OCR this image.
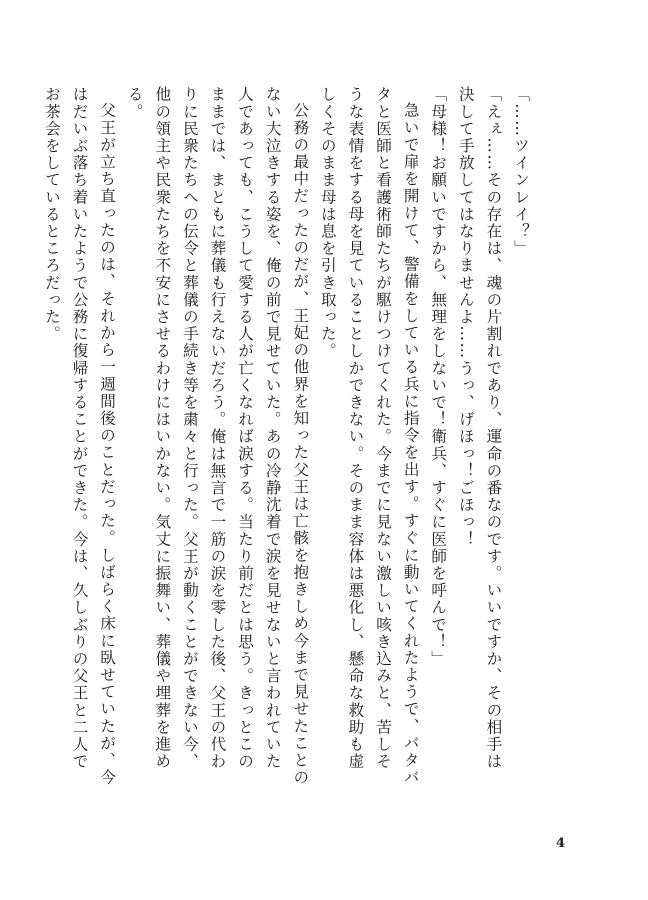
「……ツインレイ？」

「えぇ……その存在は、魂の片割れであり、運命の番なのです。いいですか、その相手は決して手放してはなりませんよ……うっ、げほっ！ごほっ！

「母様！お願いですから、無理をしないで！衛兵、すぐに医師を呼んで！」

急いで扉を開けて、警備をしている兵に指令を出す。すぐに動いてくれたようで、バタバタと医師と看護術師たちが駆けつけてくれた。今までに見ない激しい咳き込みと、苦しそうな表情をする母を見ていることしかできない。そのまま容体は悪化し、懸命な救助も虚しくそのまま母は息を引き取った。

公務の最中だったのだが、王妃の他界を知った父王は亡骸を抱きしめ今まで見せたことのない大泣きする姿を、俺の前で見せていた。あの冷静沈着で涙を見せないと言われていた人であっても、こうして愛する人が亡くなれば涙する。当たり前だとは思う。きっとこのままでは、まともに葬儀も行えないだろう。俺は無言で一筋の涙を零した後、父王の代わりに民衆たちへの伝令と葬儀の手続き等を粛々と行った。父王が動くことができない今、他の領主や民衆たちを不安にさせるわけにはいかない。気丈に振舞い、葬儀や埋葬を進める。

父王が立ち直ったのは、それから一週間後のことだった。しばらく床に臥せていたが、今はだいぶ落ち着いたようで公務に復帰することができた。今は、久しぶりの父王と二人でお茶会をしているところだった。

4
